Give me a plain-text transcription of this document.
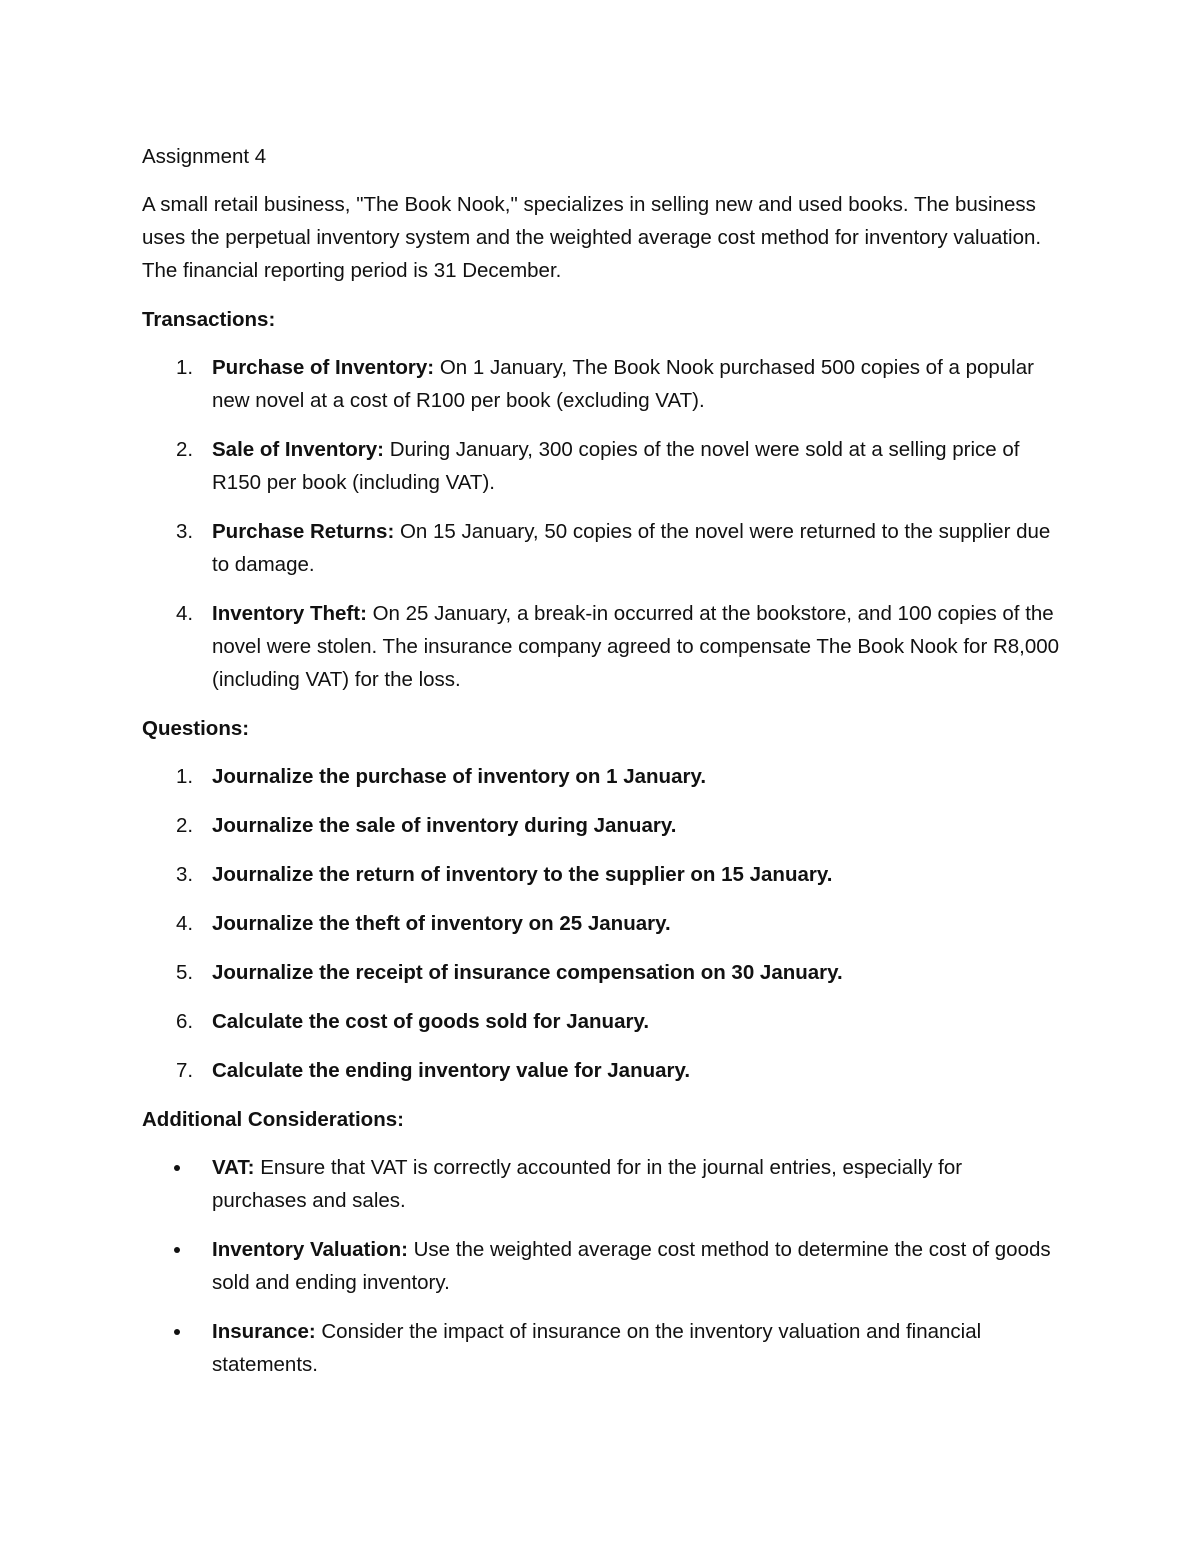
Assignment 4

A small retail business, "The Book Nook," specializes in selling new and used books. The business uses the perpetual inventory system and the weighted average cost method for inventory valuation. The financial reporting period is 31 December.

Transactions:

1. Purchase of Inventory: On 1 January, The Book Nook purchased 500 copies of a popular new novel at a cost of R100 per book (excluding VAT).
2. Sale of Inventory: During January, 300 copies of the novel were sold at a selling price of R150 per book (including VAT).
3. Purchase Returns: On 15 January, 50 copies of the novel were returned to the supplier due to damage.
4. Inventory Theft: On 25 January, a break-in occurred at the bookstore, and 100 copies of the novel were stolen. The insurance company agreed to compensate The Book Nook for R8,000 (including VAT) for the loss.

Questions:

1. Journalize the purchase of inventory on 1 January.
2. Journalize the sale of inventory during January.
3. Journalize the return of inventory to the supplier on 15 January.
4. Journalize the theft of inventory on 25 January.
5. Journalize the receipt of insurance compensation on 30 January.
6. Calculate the cost of goods sold for January.
7. Calculate the ending inventory value for January.

Additional Considerations:

VAT: Ensure that VAT is correctly accounted for in the journal entries, especially for purchases and sales.
Inventory Valuation: Use the weighted average cost method to determine the cost of goods sold and ending inventory.
Insurance: Consider the impact of insurance on the inventory valuation and financial statements.
